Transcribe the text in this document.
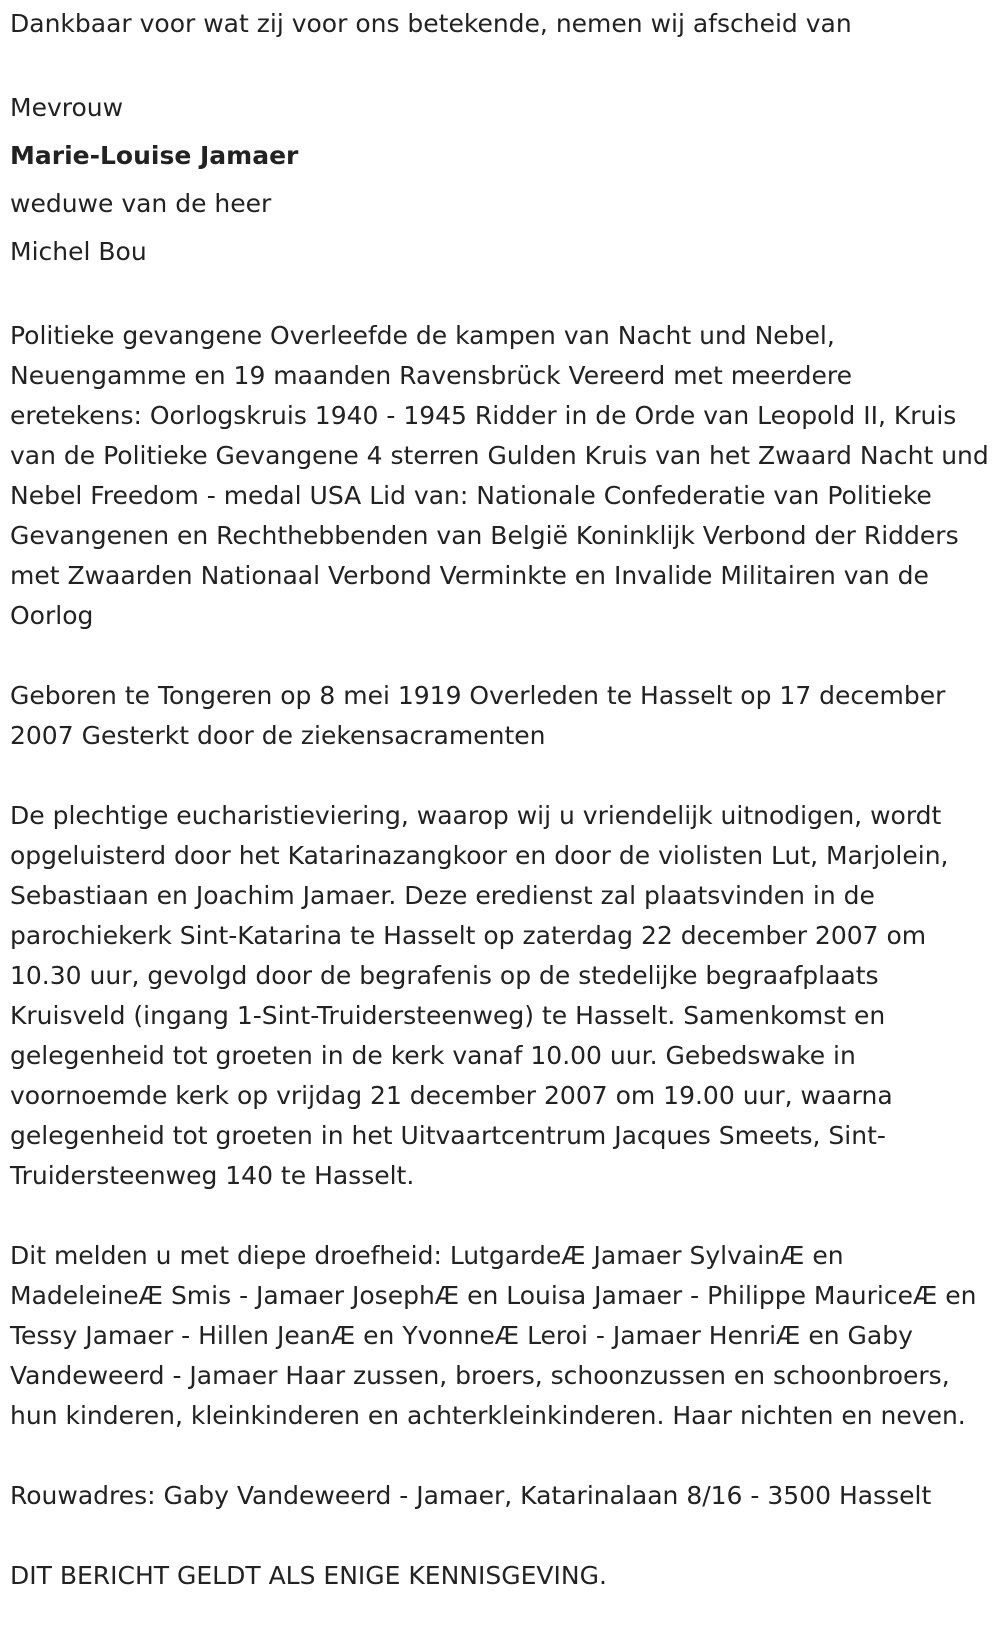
Dankbaar voor wat zij voor ons betekende, nemen wij afscheid van

Mevrouw

Marie-Louise Jamaer

weduwe van de heer

Michel Bou

Politieke gevangene Overleefde de kampen van Nacht und Nebel, Neuengamme en 19 maanden Ravensbrück Vereerd met meerdere eretekens: Oorlogskruis 1940 - 1945 Ridder in de Orde van Leopold II, Kruis van de Politieke Gevangene 4 sterren Gulden Kruis van het Zwaard Nacht und Nebel Freedom - medal USA Lid van: Nationale Confederatie van Politieke Gevangenen en Rechthebbenden van België Koninklijk Verbond der Ridders met Zwaarden Nationaal Verbond Verminkte en Invalide Militairen van de Oorlog

Geboren te Tongeren op 8 mei 1919 Overleden te Hasselt op 17 december 2007 Gesterkt door de ziekensacramenten

De plechtige eucharistieviering, waarop wij u vriendelijk uitnodigen, wordt opgeluisterd door het Katarinazangkoor en door de violisten Lut, Marjolein, Sebastiaan en Joachim Jamaer. Deze eredienst zal plaatsvinden in de parochiekerk Sint-Katarina te Hasselt op zaterdag 22 december 2007 om 10.30 uur, gevolgd door de begrafenis op de stedelijke begraafplaats Kruisveld (ingang 1-Sint-Truidersteenweg) te Hasselt. Samenkomst en gelegenheid tot groeten in de kerk vanaf 10.00 uur. Gebedswake in voornoemde kerk op vrijdag 21 december 2007 om 19.00 uur, waarna gelegenheid tot groeten in het Uitvaartcentrum Jacques Smeets, Sint-Truidersteenweg 140 te Hasselt.

Dit melden u met diepe droefheid: LutgardeÆ Jamaer SylvainÆ en MadeleineÆ Smis - Jamaer JosephÆ en Louisa Jamaer - Philippe MauriceÆ en Tessy Jamaer - Hillen JeanÆ en YvonneÆ Leroi - Jamaer HenriÆ en Gaby Vandeweerd - Jamaer Haar zussen, broers, schoonzussen en schoonbroers, hun kinderen, kleinkinderen en achterkleinkinderen. Haar nichten en neven.

Rouwadres: Gaby Vandeweerd - Jamaer, Katarinalaan 8/16 - 3500 Hasselt

DIT BERICHT GELDT ALS ENIGE KENNISGEVING.
